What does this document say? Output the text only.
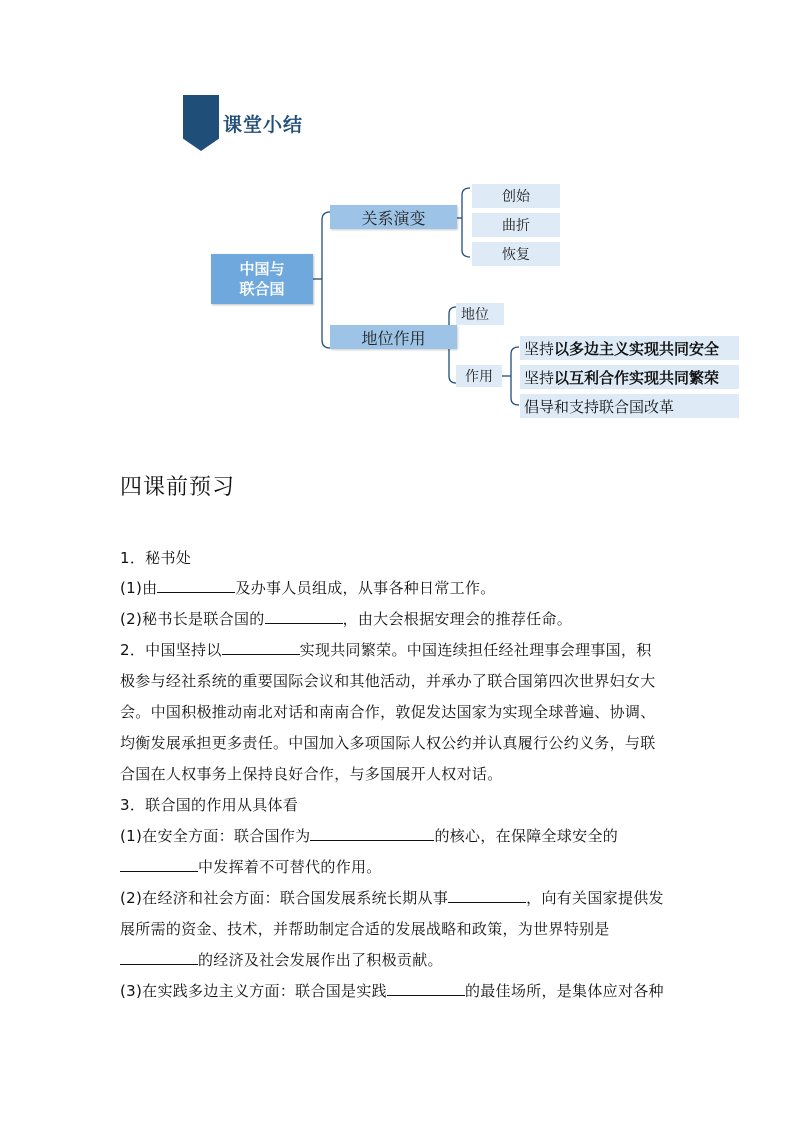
课堂小结
中国与
联合国
关系演变
创始
曲折
恢复
地位作用
地位
作用
坚持 以多边主义实现共同安全
坚持 以互利合作实现共同繁荣
倡导和支持联合国改革
四课前预习
1．秘书处
(1)由	及办事人员组成，从事各种日常工作。
(2)秘书长是联合国的	，由大会根据安理会的推荐任命。
2．中国坚持以	实现共同繁荣。中国连续担任经社理事会理事国，积
极参与经社系统的重要国际会议和其他活动，并承办了联合国第四次世界妇女大
会。中国积极推动南北对话和南南合作，敦促发达国家为实现全球普遍、协调、
均衡发展承担更多责任。中国加入多项国际人权公约并认真履行公约义务，与联
合国在人权事务上保持良好合作，与多国展开人权对话。
3．联合国的作用从具体看
(1)在安全方面：联合国作为	的核心，在保障全球安全的
中发挥着不可替代的作用。
(2)在经济和社会方面：联合国发展系统长期从事	，向有关国家提供发
展所需的资金、技术，并帮助制定合适的发展战略和政策，为世界特别是
的经济及社会发展作出了积极贡献。
(3)在实践多边主义方面：联合国是实践	的最佳场所，是集体应对各种
